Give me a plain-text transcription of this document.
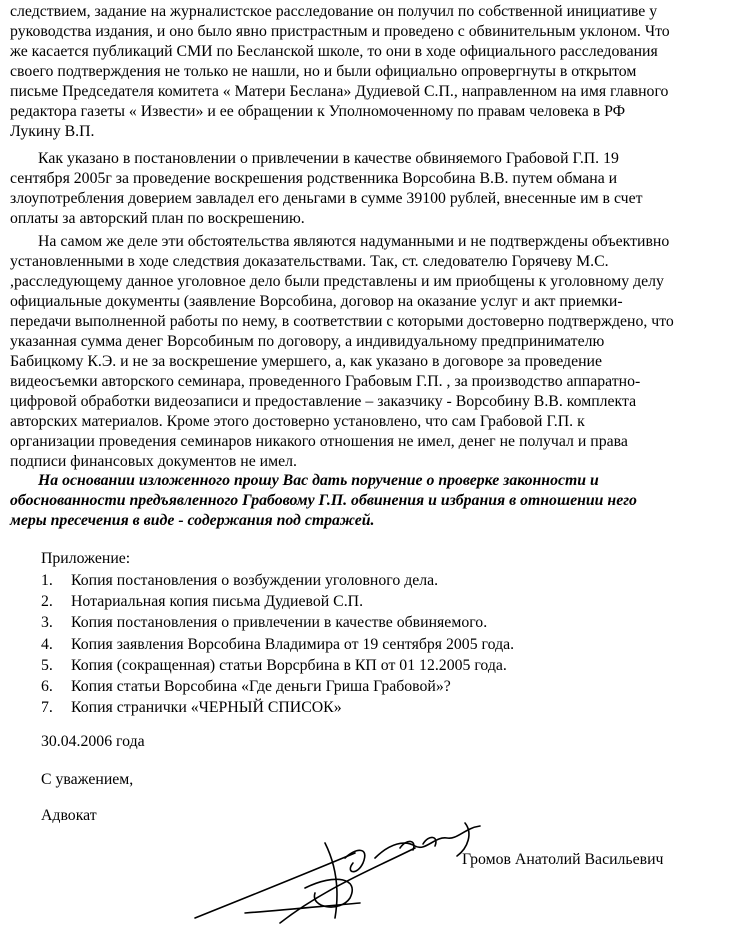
следствием, задание на журналистское расследование он получил по собственной инициативе у
руководства издания, и оно было явно пристрастным и проведено с обвинительным уклоном. Что
же касается публикаций СМИ по Бесланской школе, то они в ходе официального расследования
своего подтверждения не только не нашли, но и были официально опровергнуты в открытом
письме Председателя комитета « Матери Беслана» Дудиевой С.П., направленном на имя главного
редактора газеты « Извести» и ее обращении к Уполномоченному по правам человека в РФ
Лукину В.П.
Как указано в постановлении о привлечении в качестве обвиняемого Грабовой Г.П. 19
сентября 2005г за проведение воскрешения родственника Ворсобина В.В. путем обмана и
злоупотребления доверием завладел его деньгами в сумме 39100 рублей, внесенные им в счет
оплаты за авторский план по воскрешению.
На самом же деле эти обстоятельства являются надуманными и не подтверждены объективно
установленными в ходе следствия доказательствами. Так, ст. следователю Горячеву М.С.
,расследующему данное уголовное дело были представлены и им приобщены к уголовному делу
официальные документы (заявление Ворсобина, договор на оказание услуг и акт приемки-
передачи выполненной работы по нему, в соответствии с которыми достоверно подтверждено, что
указанная сумма денег Ворсобиным по договору, а индивидуальному предпринимателю
Бабицкому К.Э. и не за воскрешение умершего, а, как указано в договоре за проведение
видеосъемки авторского семинара, проведенного Грабовым Г.П. , за производство аппаратно-
цифровой обработки видеозаписи и предоставление – заказчику - Ворсобину В.В. комплекта
авторских материалов. Кроме этого достоверно установлено, что сам Грабовой Г.П. к
организации проведения семинаров никакого отношения не имел, денег не получал и права
подписи финансовых документов не имел.
На основании изложенного прошу Вас дать поручение о проверке законности и
обоснованности предъявленного Грабовому Г.П. обвинения и избрания в отношении него
меры пресечения в виде - содержания под стражей.
Приложение:
1. Копия постановления о возбуждении уголовного дела.
2. Нотариальная копия письма Дудиевой С.П.
3. Копия постановления о привлечении в качестве обвиняемого.
4. Копия заявления Ворсобина Владимира от 19 сентября 2005 года.
5. Копия (сокращенная) статьи Ворсрбина в КП от 01 12.2005 года.
6. Копия статьи Ворсобина «Где деньги Гриша Грабовой»?
7. Копия странички «ЧЕРНЫЙ СПИСОК»
30.04.2006 года
С уважением,
Адвокат
Громов Анатолий Васильевич
